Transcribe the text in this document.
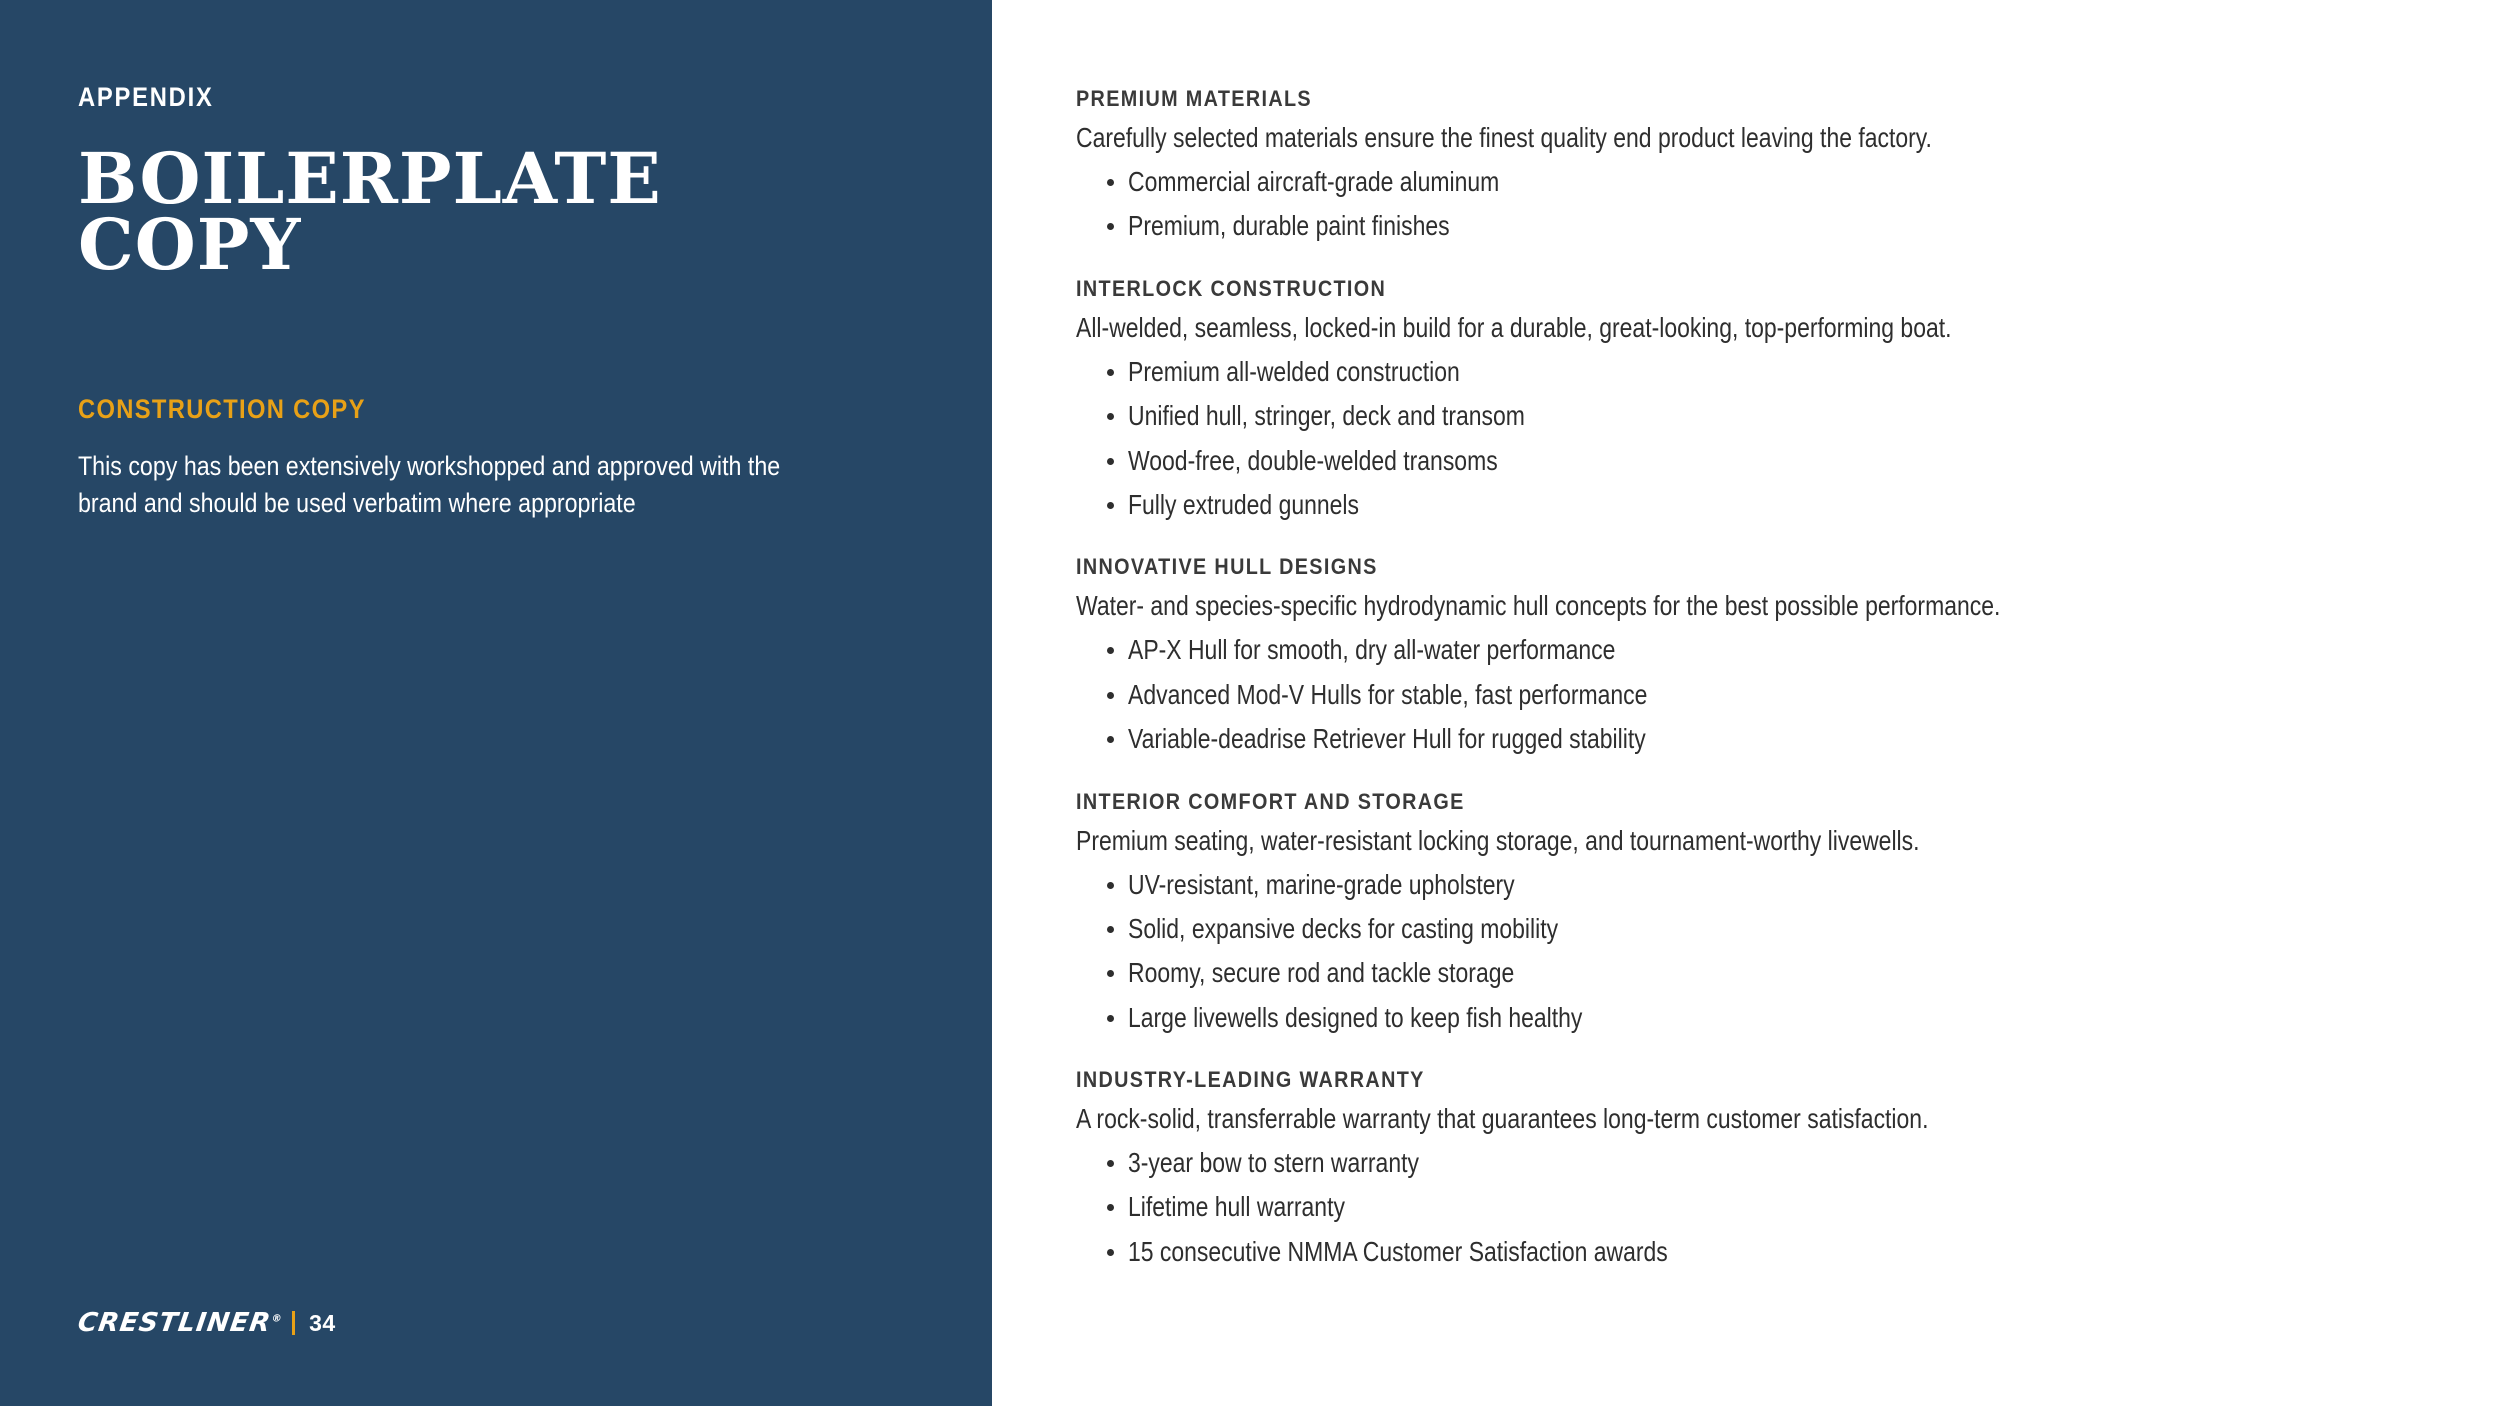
APPENDIX
BOILERPLATE
COPY
CONSTRUCTION COPY
This copy has been extensively workshopped and approved with the brand and should be used verbatim where appropriate
CRESTLINER® 34
PREMIUM MATERIALS
Carefully selected materials ensure the finest quality end product leaving the factory.
Commercial aircraft-grade aluminum
Premium, durable paint finishes
INTERLOCK CONSTRUCTION
All-welded, seamless, locked-in build for a durable, great-looking, top-performing boat.
Premium all-welded construction
Unified hull, stringer, deck and transom
Wood-free, double-welded transoms
Fully extruded gunnels
INNOVATIVE HULL DESIGNS
Water- and species-specific hydrodynamic hull concepts for the best possible performance.
AP-X Hull for smooth, dry all-water performance
Advanced Mod-V Hulls for stable, fast performance
Variable-deadrise Retriever Hull for rugged stability
INTERIOR COMFORT AND STORAGE
Premium seating, water-resistant locking storage, and tournament-worthy livewells.
UV-resistant, marine-grade upholstery
Solid, expansive decks for casting mobility
Roomy, secure rod and tackle storage
Large livewells designed to keep fish healthy
INDUSTRY-LEADING WARRANTY
A rock-solid, transferrable warranty that guarantees long-term customer satisfaction.
3-year bow to stern warranty
Lifetime hull warranty
15 consecutive NMMA Customer Satisfaction awards
